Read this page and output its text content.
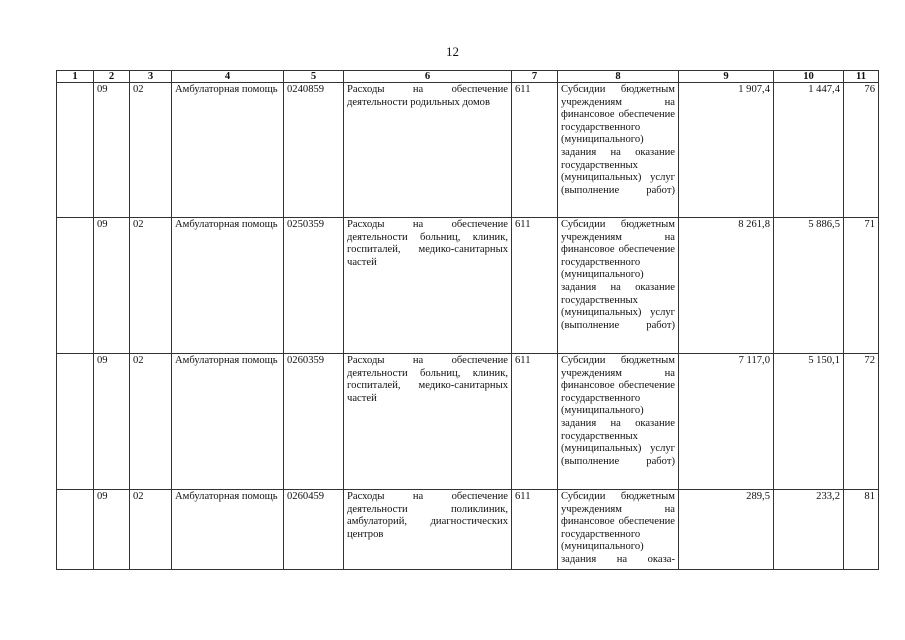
12
1	2	3	4	5	6	7	8	9	10	11
	09	02	Амбулаторная помощь	0240859	Расходы на обеспечение деятельности родильных домов	611	Субсидии бюджетным учреждениям на финансовое обеспечение государственного (муниципального) задания на оказание государственных (муниципальных) услуг (выполнение работ)	1 907,4	1 447,4	76
	09	02	Амбулаторная помощь	0250359	Расходы на обеспечение деятельности больниц, клиник, госпиталей, медико-санитарных частей	611	Субсидии бюджетным учреждениям на финансовое обеспечение государственного (муниципального) задания на оказание государственных (муниципальных) услуг (выполнение работ)	8 261,8	5 886,5	71
	09	02	Амбулаторная помощь	0260359	Расходы на обеспечение деятельности больниц, клиник, госпиталей, медико-санитарных частей	611	Субсидии бюджетным учреждениям на финансовое обеспечение государственного (муниципального) задания на оказание государственных (муниципальных) услуг (выполнение работ)	7 117,0	5 150,1	72
	09	02	Амбулаторная помощь	0260459	Расходы на обеспечение деятельности поликлиник, амбулаторий, диагностических центров	611	Субсидии бюджетным учреждениям на финансовое обеспечение государственного (муниципального) задания на оказа-	289,5	233,2	81
